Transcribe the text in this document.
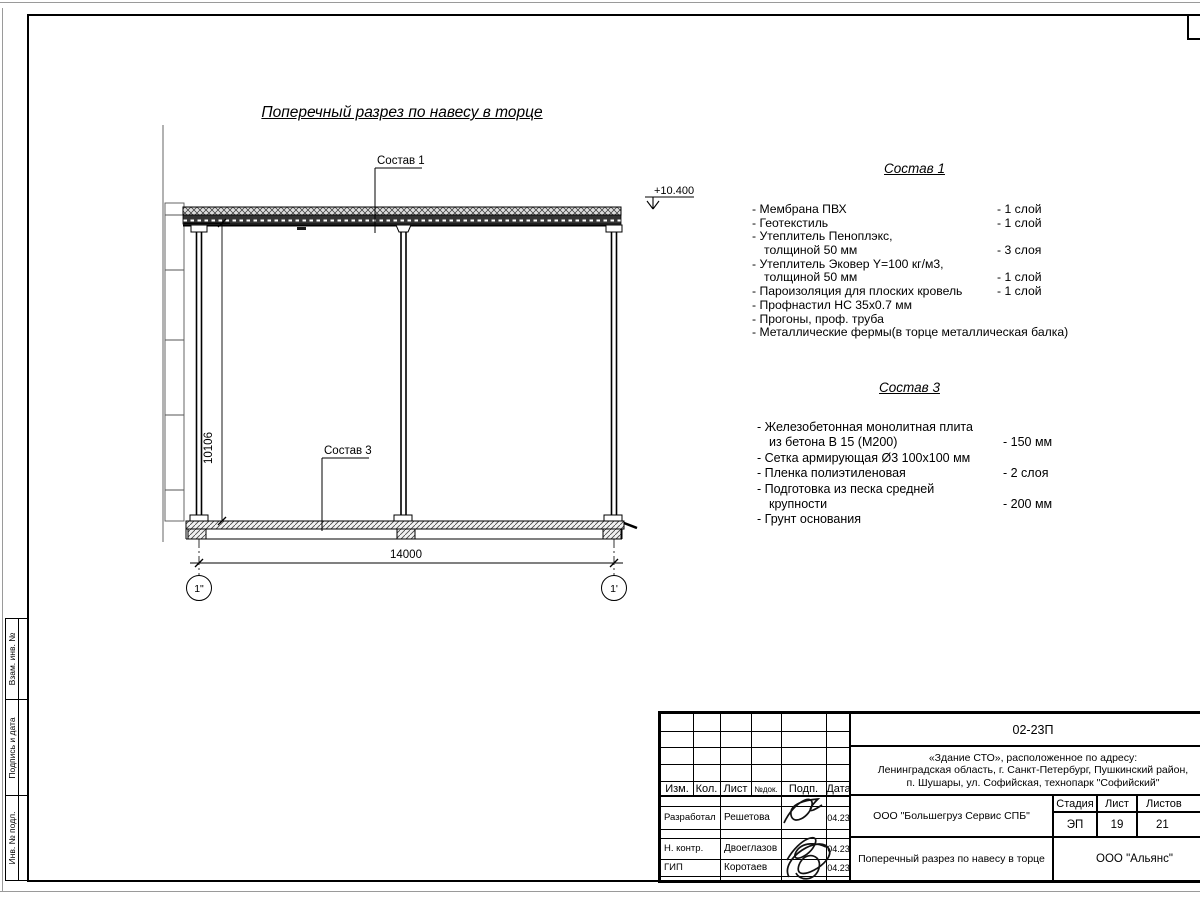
Поперечный разрез по навесу в торце
1"	1'
14000
10106
Состав 1
Состав 3
+10.400
Состав 1
- Мембрана ПВХ	- 1 слой
- Геотекстиль	- 1 слой
- Утеплитель Пеноплэкс,
толщиной 50 мм	- 3 слоя
- Утеплитель Эковер Y=100 кг/м3,
толщиной 50 мм	- 1 слой
- Пароизоляция для плоских кровель	- 1 слой
- Профнастил НС 35х0.7 мм
- Прогоны, проф. труба
- Металлические фермы(в торце металлическая балка)
Состав 3
- Железобетонная монолитная плита
из бетона В 15 (М200)	- 150 мм
- Сетка армирующая Ø3 100х100 мм
- Пленка полиэтиленовая	- 2 слоя
- Подготовка из песка средней
крупности	- 200 мм
- Грунт основания
Взам. инв. №
Подпись и дата
Инв. № подл.
Изм. Кол. Лист №док.	Подп. Дата
Разработал Решетова	04.23
Н. контр.	Двоеглазов	04.23
ГИП	Коротаев	04.23
02-23П
«Здание СТО», расположенное по адресу:
Ленинградская область, г. Санкт-Петербург, Пушкинский район,
п. Шушары, ул. Софийская, технопарк "Софийский"
ООО "Большегруз Сервис СПБ"
Стадия	Лист	Листов
ЭП	19	21
Поперечный разрез по навесу в торце	ООО "Альянс"
